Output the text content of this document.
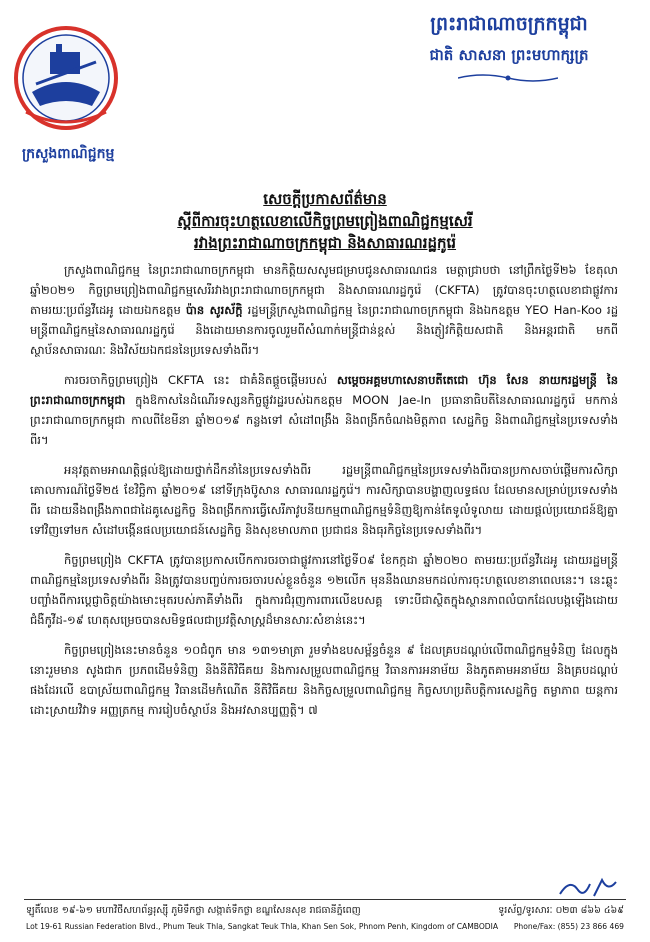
ក្រសួងពាណិជ្ជកម្ម
ព្រះរាជាណាចក្រកម្ពុជា
ជាតិ សាសនា ព្រះមហាក្សត្រ
សេចក្តីប្រកាសព័ត៌មាន
ស្តីពីការចុះហត្ថលេខាលើកិច្ចព្រមព្រៀងពាណិជ្ជកម្មសេរី
រវាងព្រះរាជាណាចក្រកម្ពុជា និងសាធារណរដ្ឋកូរ៉េ

ក្រសួងពាណិជ្ជកម្ម នៃព្រះរាជាណាចក្រកម្ពុជា មានកិត្តិយសសូមជម្រាបជូនសាធារណជន មេត្តាជ្រាបថា នៅព្រឹកថ្ងៃទី២៦ ខែតុលា ឆ្នាំ២០២១ កិច្ចព្រមព្រៀងពាណិជ្ជកម្មសេរីរវាងព្រះរាជាណាចក្រកម្ពុជា និងសាធារណរដ្ឋកូរ៉េ (CKFTA) ត្រូវបានចុះហត្ថលេខាជាផ្លូវការ តាមរយៈប្រព័ន្ធវីដេអូ ដោយឯកឧត្តម ប៉ាន សូរស័ក្តិ រដ្ឋមន្ត្រីក្រសួងពាណិជ្ជកម្ម នៃព្រះរាជាណាចក្រកម្ពុជា និងឯកឧត្តម YEO Han-Koo រដ្ឋមន្ត្រីពាណិជ្ជកម្មនៃសាធារណរដ្ឋកូរ៉េ និងដោយមានការចូលរួមពីសំណាក់មន្ត្រីជាន់ខ្ពស់ និងភ្ញៀវកិត្តិយសជាតិ និងអន្តរជាតិ មកពីស្ថាប័នសាធារណៈ និងវិស័យឯកជននៃប្រទេសទាំងពីរ។

ការចរចាកិច្ចព្រមព្រៀង CKFTA នេះ ជាគំនិតផ្តួចផ្តើមរបស់ សម្តេចអគ្គមហាសេនាបតីតេជោ ហ៊ុន សែន នាយករដ្ឋមន្ត្រី នៃព្រះរាជាណាចក្រកម្ពុជា ក្នុងឱកាសនៃដំណើរទស្សនកិច្ចផ្លូវរដ្ឋរបស់ឯកឧត្តម MOON Jae-In ប្រធានាធិបតីនៃសាធារណរដ្ឋកូរ៉េ មកកាន់ព្រះរាជាណាចក្រកម្ពុជា កាលពីខែមីនា ឆ្នាំ២០១៩ កន្លងទៅ សំដៅពង្រឹង និងពង្រីកចំណងមិត្តភាព សេដ្ឋកិច្ច និងពាណិជ្ជកម្មនៃប្រទេសទាំងពីរ។

អនុវត្តតាមអាណត្តិផ្តល់ឱ្យដោយថ្នាក់ដឹកនាំនៃប្រទេសទាំងពីរ រដ្ឋមន្ត្រីពាណិជ្ជកម្មនៃប្រទេសទាំងពីរបានប្រកាសចាប់ផ្តើមការសិក្សាគោលការណ៍ថ្ងៃទី២៥ ខែវិច្ឆិកា ឆ្នាំ២០១៩ នៅទីក្រុងប៊ូសាន សាធារណរដ្ឋកូរ៉េ។ ការសិក្សាបានបង្ហាញលទ្ធផល ដែលមានសម្រាប់ប្រទេសទាំងពីរ ដោយនឹងពង្រឹងភាពជាដៃគូសេដ្ឋកិច្ច និងពង្រីកការធ្វើសេរីភាវូបនីយកម្មពាណិជ្ជកម្មទំនិញឱ្យកាន់តែទូលំទូលាយ ដោយផ្តល់ប្រយោជន៍ឱ្យគ្នាទៅវិញទៅមក សំដៅបង្កើនផលប្រយោជន៍សេដ្ឋកិច្ច និងសុខមាលភាព ប្រជាជន និងធុរកិច្ចនៃប្រទេសទាំងពីរ។

កិច្ចព្រមព្រៀង CKFTA ត្រូវបានប្រកាសបើកការចរចាជាផ្លូវការនៅថ្ងៃទី០៩ ខែកក្កដា ឆ្នាំ២០២០ តាមរយៈប្រព័ន្ធវីដេអូ ដោយរដ្ឋមន្ត្រីពាណិជ្ជកម្មនៃប្រទេសទាំងពីរ និងត្រូវបានបញ្ចប់ការចរចារបស់ខ្លួនចំនួន ១២លើក មុននឹងឈានមកដល់ការចុះហត្ថលេខានាពេលនេះ។ នេះឆ្លុះបញ្ចាំងពីការប្តេជ្ញាចិត្តយ៉ាងមោះមុតរបស់ភាគីទាំងពីរ ក្នុងការជំរុញការពារលើឧបសគ្គ ទោះបីជាស្ថិតក្នុងស្ថានភាពលំបាកដែលបង្កឡើងដោយជំងឺកូវីដ-១៩ ហេតុសម្រេចបានសមិទ្ធផលជាប្រវត្តិសាស្ត្រដ៏មានសារៈសំខាន់នេះ។

កិច្ចព្រមព្រៀងនេះមានចំនួន ១០ជំពូក មាន ១៣១មាត្រា រួមទាំងឧបសម្ព័ន្ធចំនួន ៩ ដែលគ្របដណ្តប់លើពាណិជ្ជកម្មទំនិញ ដែលក្នុងនោះរួមមាន សូងជាក ប្រភពដើមទំនិញ និងនីតិវិធីគយ និងការសម្រួលពាណិជ្ជកម្ម វិធានការអនាម័យ និងភូតគាមអនាម័យ និងគ្របដណ្តប់ផងដែរលើ ឧបាស្រ័យពាណិជ្ជកម្ម វិធានដើមកំណើត នីតិវិធីគយ និងកិច្ចសម្រួលពាណិជ្ជកម្ម កិច្ចសហប្រតិបត្តិការសេដ្ឋកិច្ច តម្លាភាព យន្តការដោះស្រាយវិវាទ អញ្ញត្រកម្ម ការរៀបចំស្ថាប័ន និងអវសានប្បញ្ញត្តិ។ ៧

ឡូតិ៍លេខ ១៩-៦១ មហាវិថីសហព័ន្ធរុស្ស៊ី ភូមិទឹកថ្លា សង្កាត់ទឹកថ្លា ខណ្ឌសែនសុខ រាជធានីភ្នំពេញ	ទូរស័ព្ទ/ទូរសារៈ ០២៣ ៨៦៦ ៤៦៩
Lot 19-61 Russian Federation Blvd., Phum Teuk Thla, Sangkat Teuk Thla, Khan Sen Sok, Phnom Penh, Kingdom of CAMBODIA Phone/Fax: (855) 23 866 469
